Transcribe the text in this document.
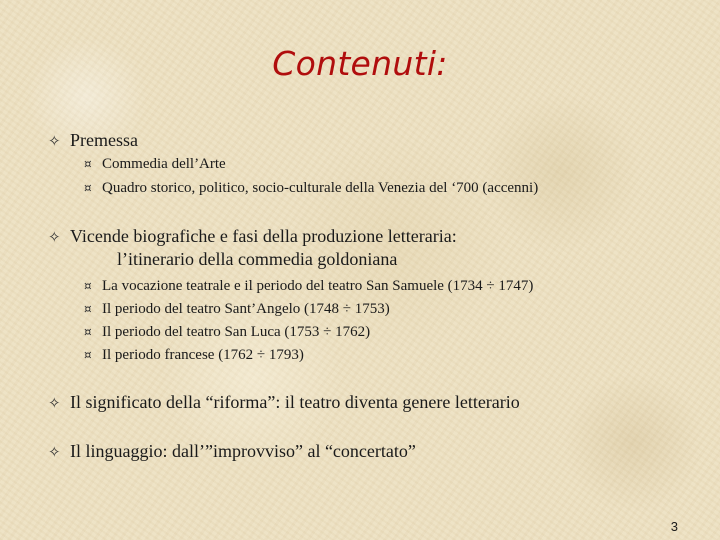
Contenuti:
✧ Premessa
¤ Commedia dell’Arte
¤ Quadro storico, politico, socio-culturale della Venezia del ‘700 (accenni)
✧ Vicende biografiche e fasi della produzione letteraria:
l’itinerario della commedia goldoniana
¤ La vocazione teatrale e il periodo del teatro San Samuele (1734 ÷ 1747)
¤ Il periodo del teatro Sant’Angelo (1748 ÷ 1753)
¤ Il periodo del teatro San Luca (1753 ÷ 1762)
¤ Il periodo francese (1762 ÷ 1793)
✧ Il significato della “riforma”: il teatro diventa genere letterario
✧ Il linguaggio: dall’”improvviso” al “concertato”
3
